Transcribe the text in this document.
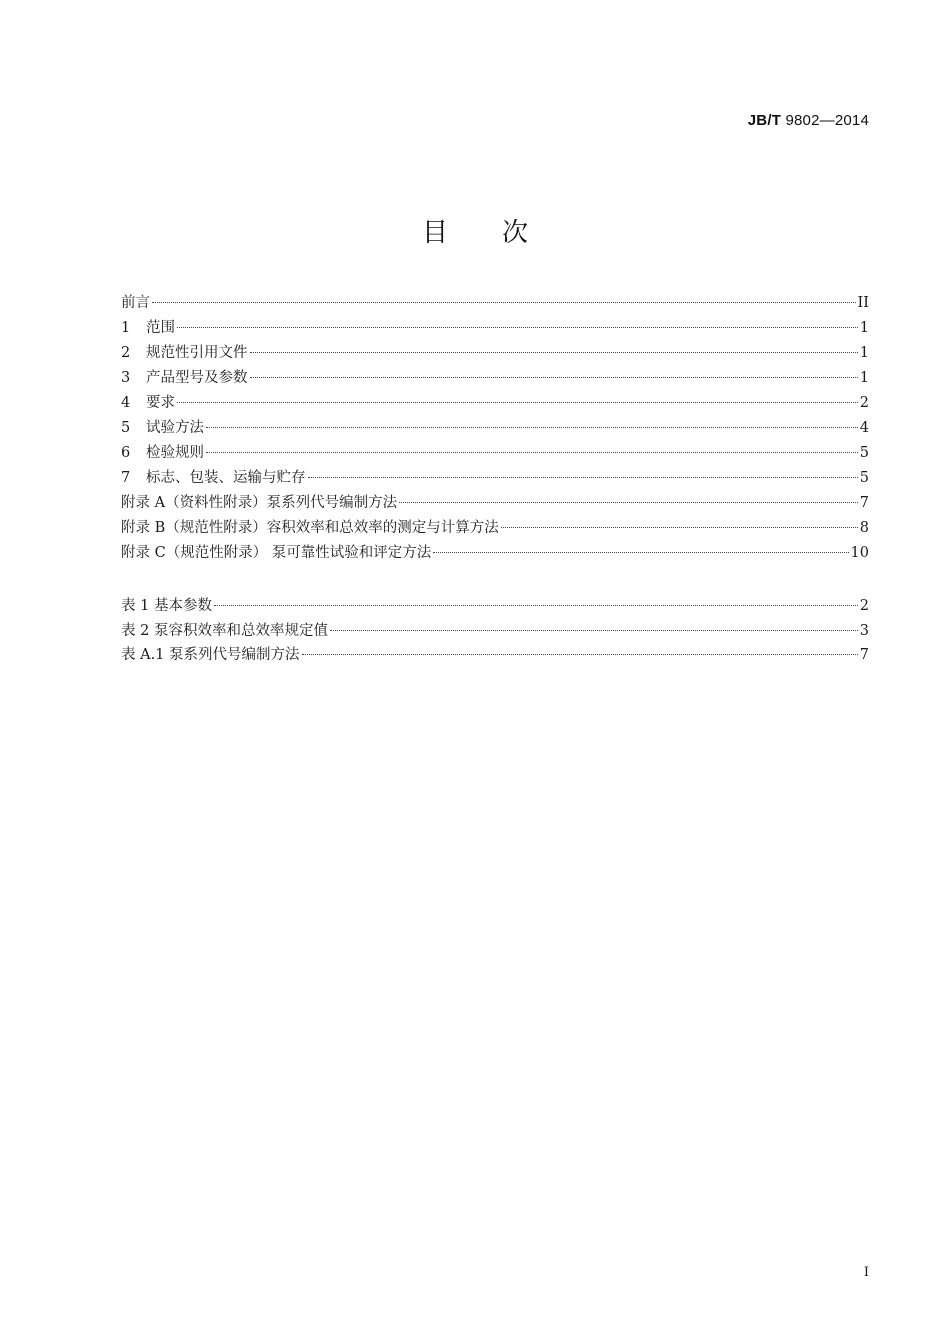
JB/T 9802—2014
目 次
前言	II
1	范围	1
2	规范性引用文件	1
3	产品型号及参数	1
4	要求	2
5	试验方法	4
6	检验规则	5
7	标志、包装、运输与贮存	5
附录 A（资料性附录）泵系列代号编制方法	7
附录 B（规范性附录）容积效率和总效率的测定与计算方法	8
附录 C（规范性附录） 泵可靠性试验和评定方法	10
表 1 基本参数	2
表 2 泵容积效率和总效率规定值	3
表 A.1 泵系列代号编制方法	7
I
